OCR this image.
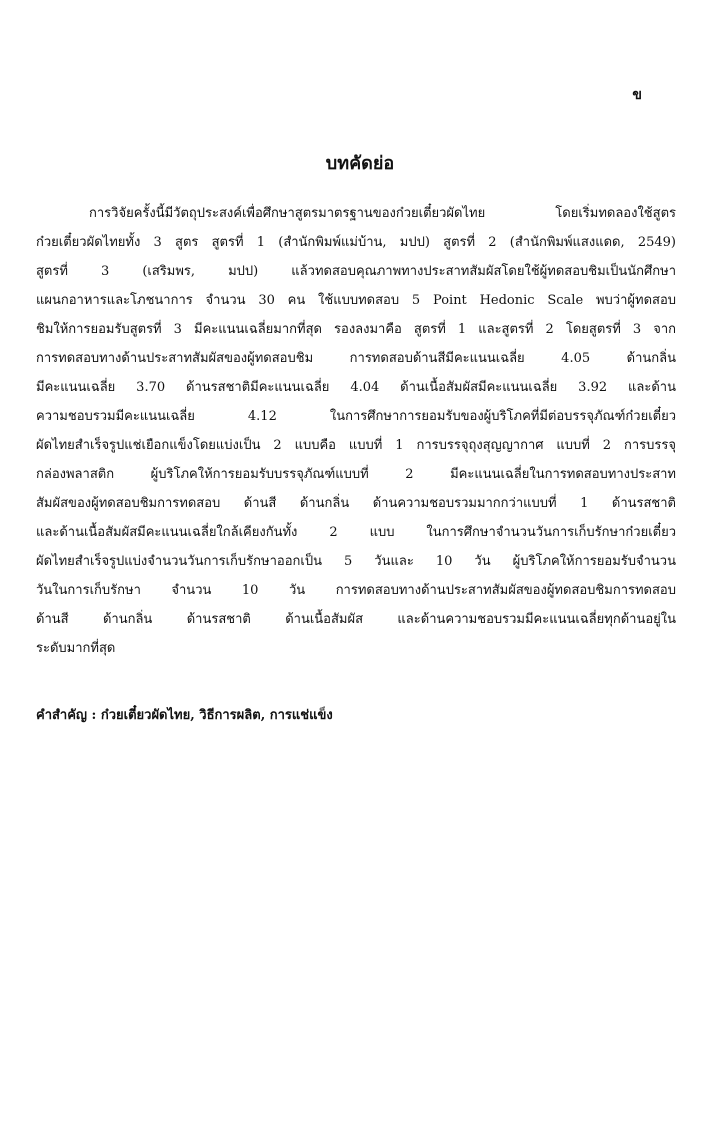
ข
บทคัดย่อ
การวิจัยครั้งนี้มีวัตถุประสงค์เพื่อศึกษาสูตรมาตรฐานของก๋วยเตี๋ยวผัดไทย โดยเริ่มทดลองใช้สูตร
ก๋วยเตี๋ยวผัดไทยทั้ง 3 สูตร สูตรที่ 1 (สำนักพิมพ์แม่บ้าน, มปป) สูตรที่ 2 (สำนักพิมพ์แสงแดด, 2549)
สูตรที่ 3 (เสริมพร, มปป) แล้วทดสอบคุณภาพทางประสาทสัมผัสโดยใช้ผู้ทดสอบชิมเป็นนักศึกษา
แผนกอาหารและโภชนาการ จำนวน 30 คน ใช้แบบทดสอบ 5 Point Hedonic Scale พบว่าผู้ทดสอบ
ชิมให้การยอมรับสูตรที่ 3 มีคะแนนเฉลี่ยมากที่สุด รองลงมาคือ สูตรที่ 1 และสูตรที่ 2 โดยสูตรที่ 3 จาก
การทดสอบทางด้านประสาทสัมผัสของผู้ทดสอบชิม การทดสอบด้านสีมีคะแนนเฉลี่ย 4.05 ด้านกลิ่น
มีคะแนนเฉลี่ย 3.70 ด้านรสชาติมีคะแนนเฉลี่ย 4.04 ด้านเนื้อสัมผัสมีคะแนนเฉลี่ย 3.92 และด้าน
ความชอบรวมมีคะแนนเฉลี่ย 4.12 ในการศึกษาการยอมรับของผู้บริโภคที่มีต่อบรรจุภัณฑ์ก๋วยเตี๋ยว
ผัดไทยสำเร็จรูปแช่เยือกแข็งโดยแบ่งเป็น 2 แบบคือ แบบที่ 1 การบรรจุถุงสุญญากาศ แบบที่ 2 การบรรจุ
กล่องพลาสติก ผู้บริโภคให้การยอมรับบรรจุภัณฑ์แบบที่ 2 มีคะแนนเฉลี่ยในการทดสอบทางประสาท
สัมผัสของผู้ทดสอบชิมการทดสอบ ด้านสี ด้านกลิ่น ด้านความชอบรวมมากกว่าแบบที่ 1 ด้านรสชาติ
และด้านเนื้อสัมผัสมีคะแนนเฉลี่ยใกล้เคียงกันทั้ง 2 แบบ ในการศึกษาจำนวนวันการเก็บรักษาก๋วยเตี๋ยว
ผัดไทยสำเร็จรูปแบ่งจำนวนวันการเก็บรักษาออกเป็น 5 วันและ 10 วัน ผู้บริโภคให้การยอมรับจำนวน
วันในการเก็บรักษา จำนวน 10 วัน การทดสอบทางด้านประสาทสัมผัสของผู้ทดสอบชิมการทดสอบ
ด้านสี ด้านกลิ่น ด้านรสชาติ ด้านเนื้อสัมผัส และด้านความชอบรวมมีคะแนนเฉลี่ยทุกด้านอยู่ใน
ระดับมากที่สุด
คำสำคัญ : ก๋วยเตี๋ยวผัดไทย, วิธีการผลิต, การแช่แข็ง
